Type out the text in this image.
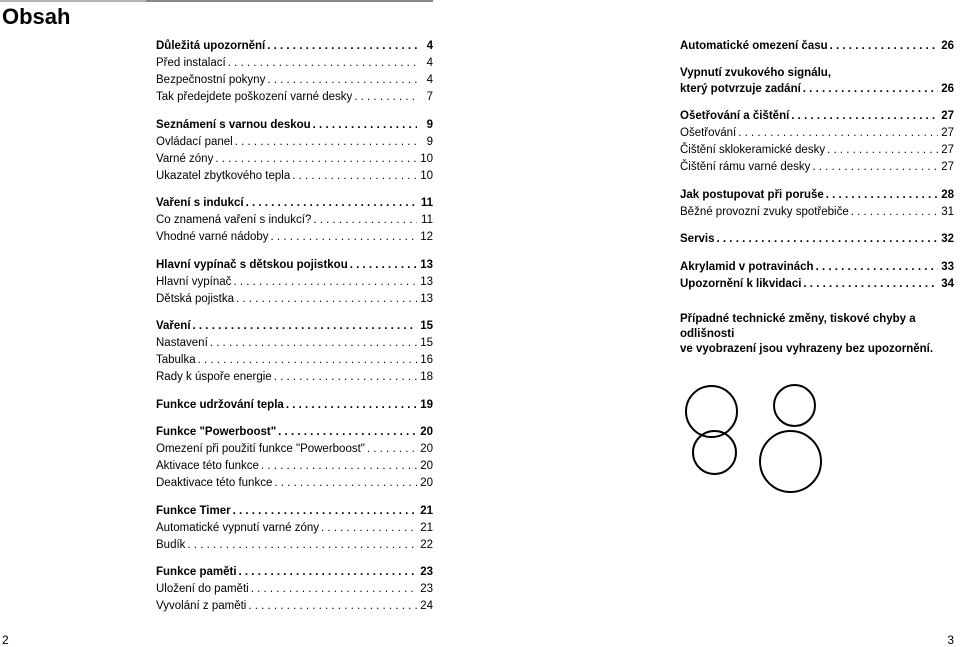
Obsah
Důležitá upozornění . . .	4
Před instalací . . .	4
Bezpečnostní pokyny . . .	4
Tak předejdete poškození varné desky . . .	7
Seznámení s varnou deskou . . .	9
Ovládací panel . . .	9
Varné zóny . . .	10
Ukazatel zbytkového tepla . . .	10
Vaření s indukcí . . .	11
Co znamená vaření s indukcí? . . .	11
Vhodné varné nádoby . . .	12
Hlavní vypínač s dětskou pojistkou . . .	13
Hlavní vypínač . . .	13
Dětská pojistka . . .	13
Vaření . . .	15
Nastavení . . .	15
Tabulka . . .	16
Rady k úspoře energie . . .	18
Funkce udržování tepla . . .	19
Funkce "Powerboost" . . .	20
Omezení při použití funkce "Powerboost" . . .	20
Aktivace této funkce . . .	20
Deaktivace této funkce . . .	20
Funkce Timer . . .	21
Automatické vypnutí varné zóny . . .	21
Budík . . .	22
Funkce paměti . . .	23
Uložení do paměti . . .	23
Vyvolání z paměti . . .	24
Automatické omezení času . . .	26
Vypnutí zvukového signálu,
který potvrzuje zadání . . .	26
Ošetřování a čištění . . .	27
Ošetřování . . .	27
Čištění sklokeramické desky . . .	27
Čištění rámu varné desky . . .	27
Jak postupovat při poruše . . .	28
Běžné provozní zvuky spotřebiče . . .	31
Servis . . .	32
Akrylamid v potravinách . . .	33
Upozornění k likvidaci . . .	34
Případné technické změny, tiskové chyby a odlišnosti
ve vyobrazení jsou vyhrazeny bez upozornění.
2	3
